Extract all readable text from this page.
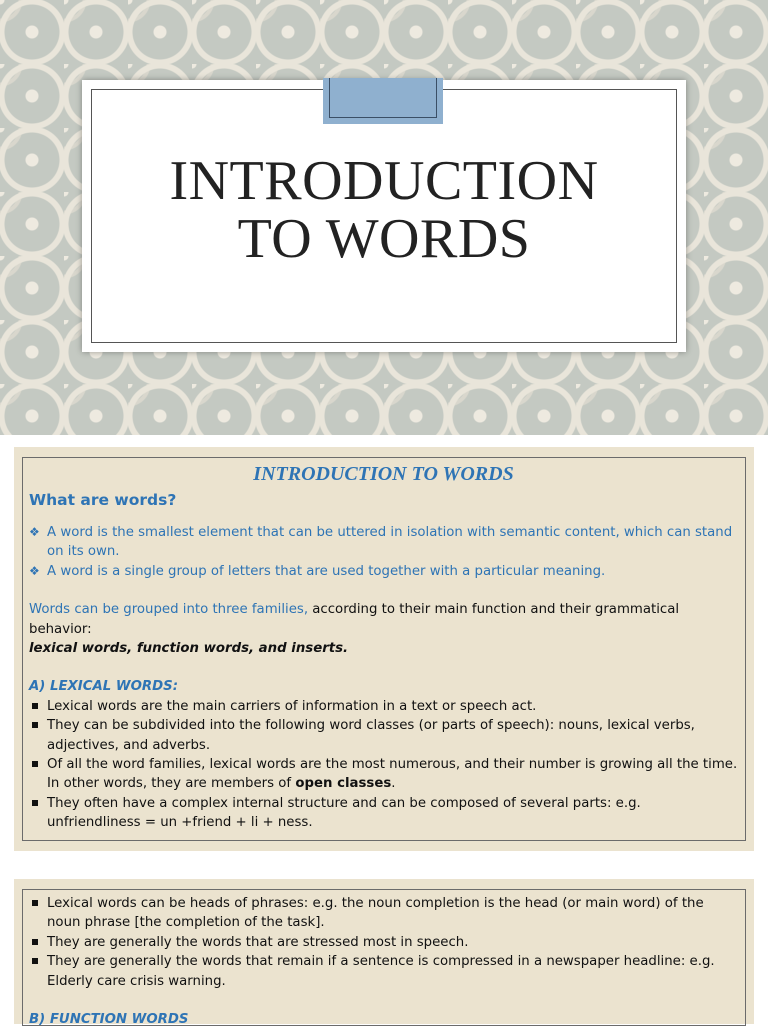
INTRODUCTION TO WORDS
INTRODUCTION TO WORDS
What are words?
❖ A word is the smallest element that can be uttered in isolation with semantic content, which can stand on its own.
❖ A word is a single group of letters that are used together with a particular meaning.
Words can be grouped into three families, according to their main function and their grammatical behavior:
lexical words, function words, and inserts.
A) LEXICAL WORDS:
Lexical words are the main carriers of information in a text or speech act.
They can be subdivided into the following word classes (or parts of speech): nouns, lexical verbs, adjectives, and adverbs.
Of all the word families, lexical words are the most numerous, and their number is growing all the time. In other words, they are members of open classes.
They often have a complex internal structure and can be composed of several parts: e.g. unfriendliness = un +friend + li + ness.
Lexical words can be heads of phrases: e.g. the noun completion is the head (or main word) of the noun phrase [the completion of the task].
They are generally the words that are stressed most in speech.
They are generally the words that remain if a sentence is compressed in a newspaper headline: e.g. Elderly care crisis warning.
B) FUNCTION WORDS
